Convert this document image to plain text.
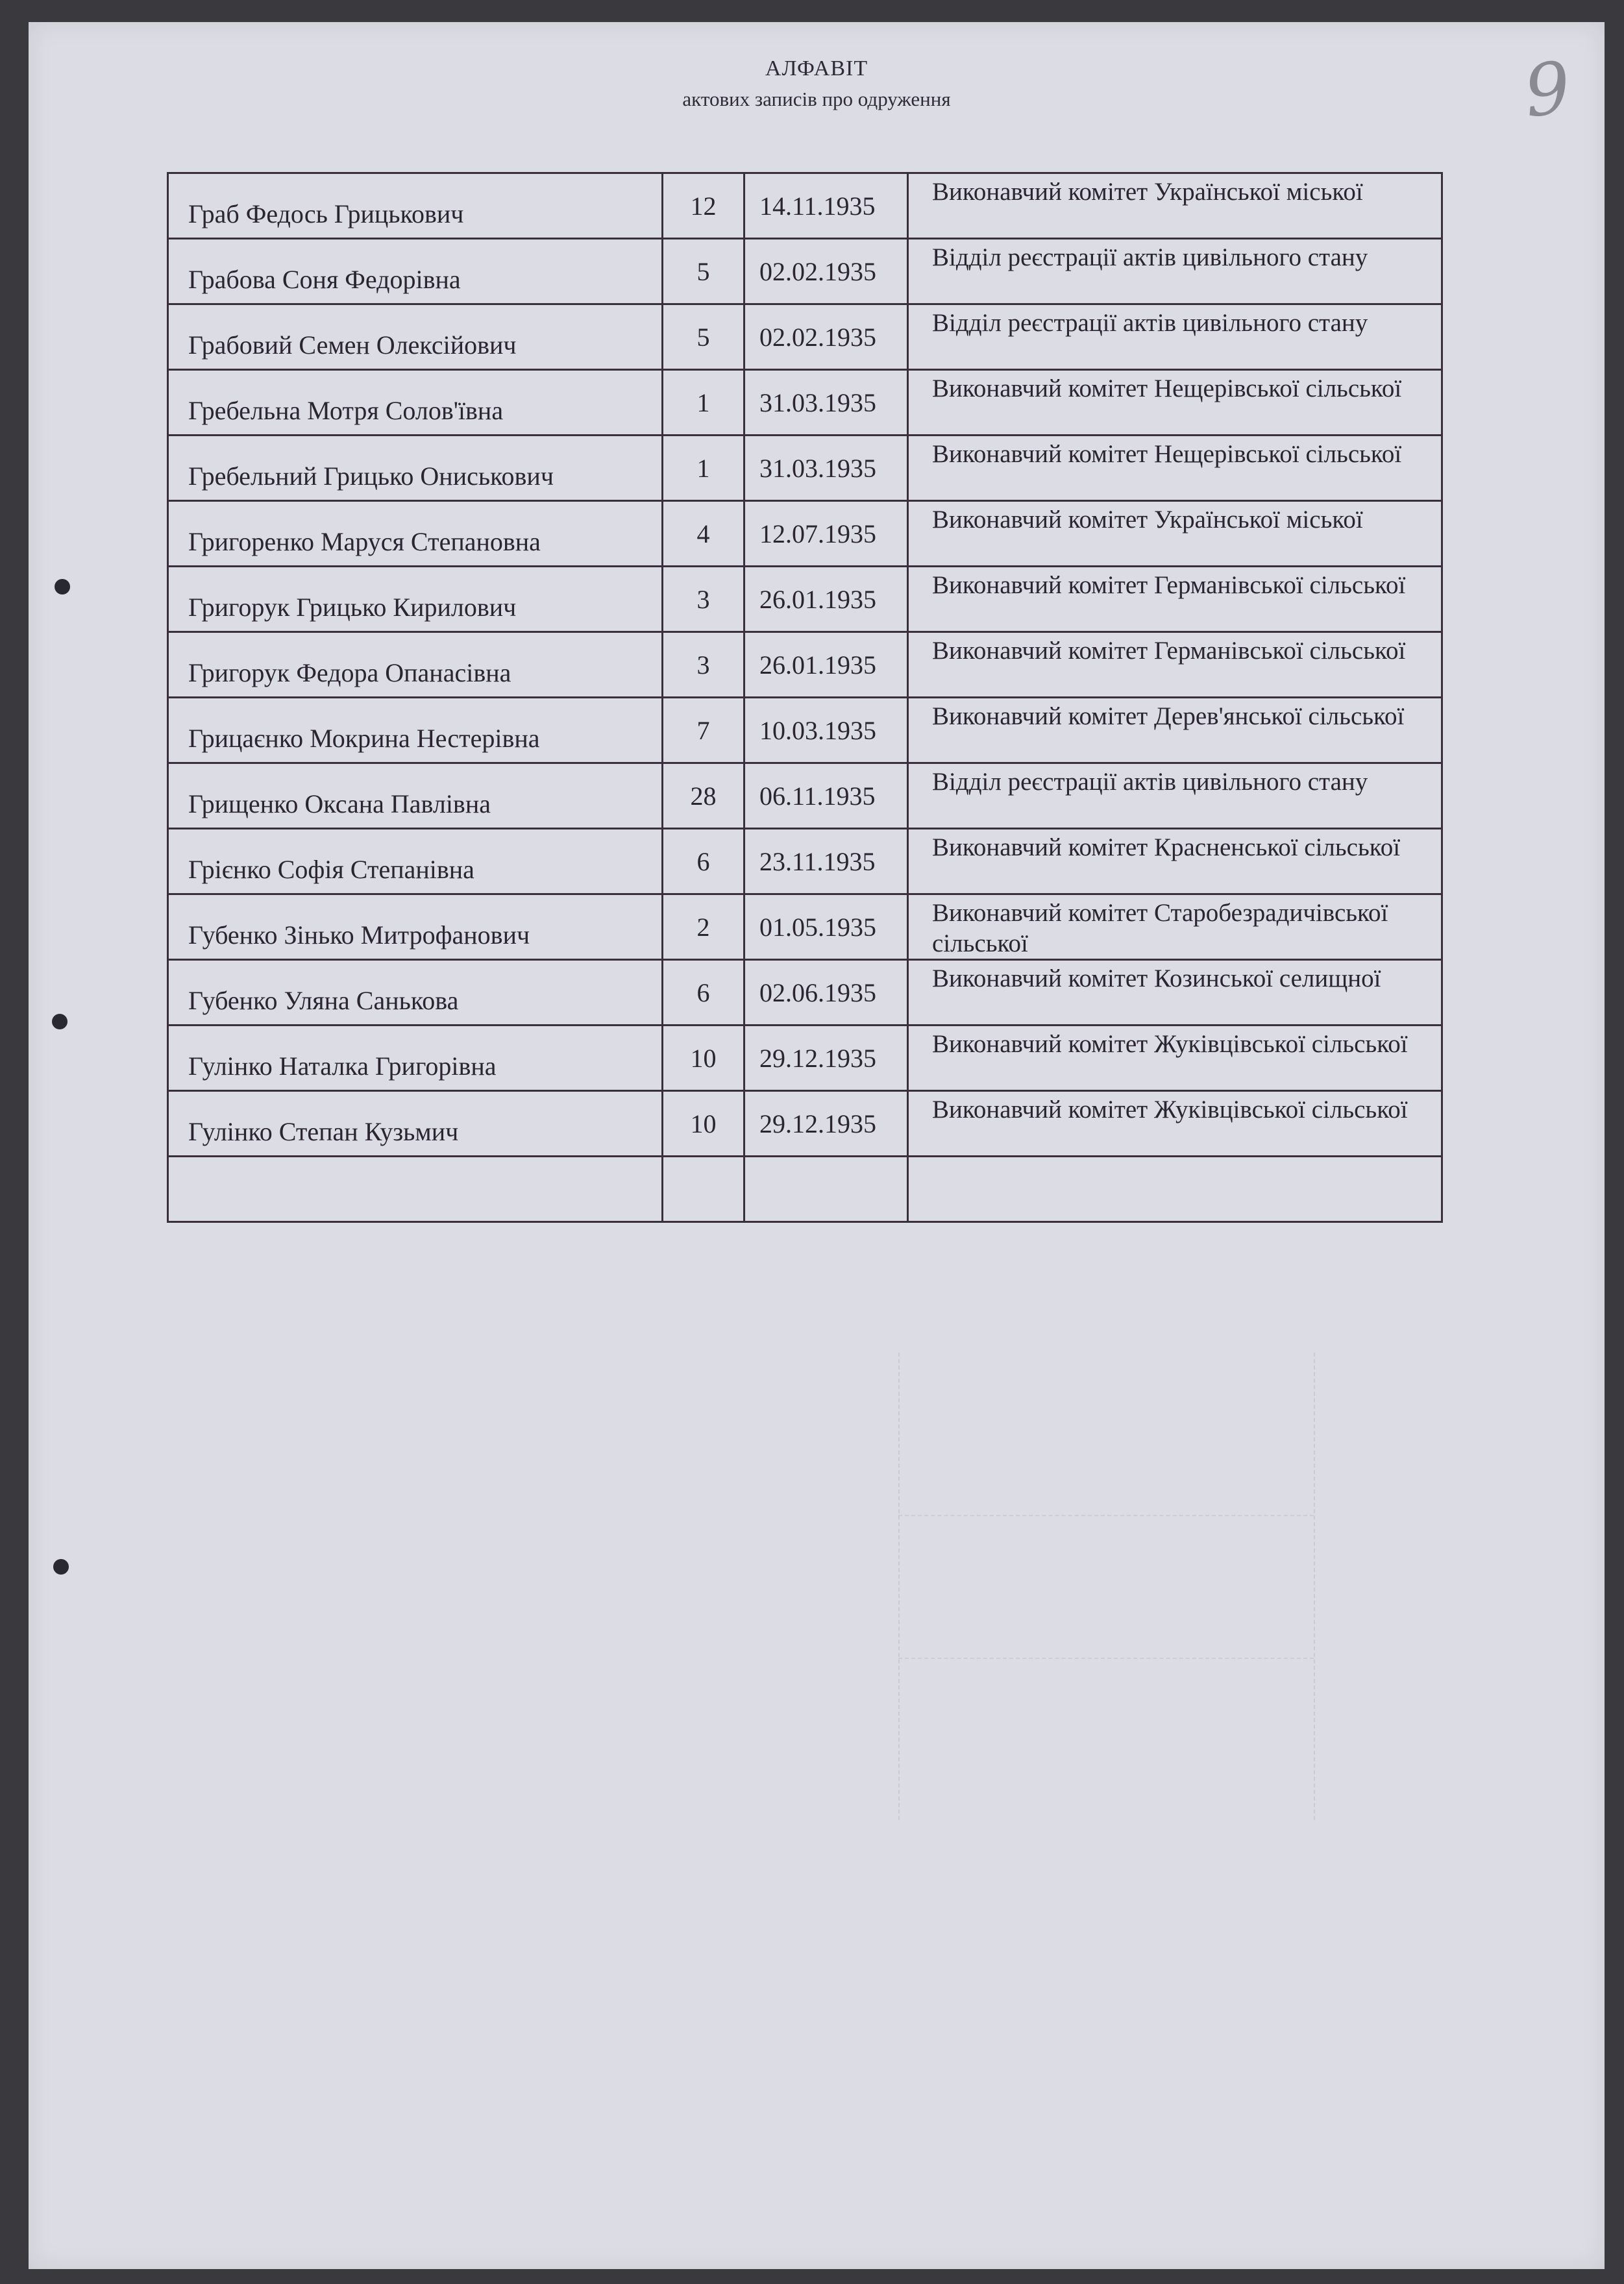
АЛФАВІТ
актових записів про одруження	9
Граб Федось Грицькович	12	14.11.1935	Виконавчий комітет Української міської

Грабова Соня Федорівна	5	02.02.1935	Відділ реєстрації актів цивільного стану

Грабовий Семен Олексійович	5	02.02.1935	Відділ реєстрації актів цивільного стану

Гребельна Мотря Солов'ївна	1	31.03.1935	Виконавчий комітет Нещерівської сільської

Гребельний Грицько Ониськович	1	31.03.1935	Виконавчий комітет Нещерівської сільської

Григоренко Маруся Степановна	4	12.07.1935	Виконавчий комітет Української міської

Григорук Грицько Кирилович	3	26.01.1935	Виконавчий комітет Германівської сільської

Григорук Федора Опанасівна	3	26.01.1935	Виконавчий комітет Германівської сільської

Грицаєнко Мокрина Нестерівна	7	10.03.1935	Виконавчий комітет Дерев'янської сільської

Грищенко Оксана Павлівна	28	06.11.1935	Відділ реєстрації актів цивільного стану

Грієнко Софія Степанівна	6	23.11.1935	Виконавчий комітет Красненської сільської

Губенко Зінько Митрофанович	2	01.05.1935	Виконавчий комітет Старобезрадичівської сільської

Губенко Уляна Санькова	6	02.06.1935	Виконавчий комітет Козинської селищної

Гулінко Наталка Григорівна	10	29.12.1935	Виконавчий комітет Жуківцівської сільської

Гулінко Степан Кузьмич	10	29.12.1935	Виконавчий комітет Жуківцівської сільської
